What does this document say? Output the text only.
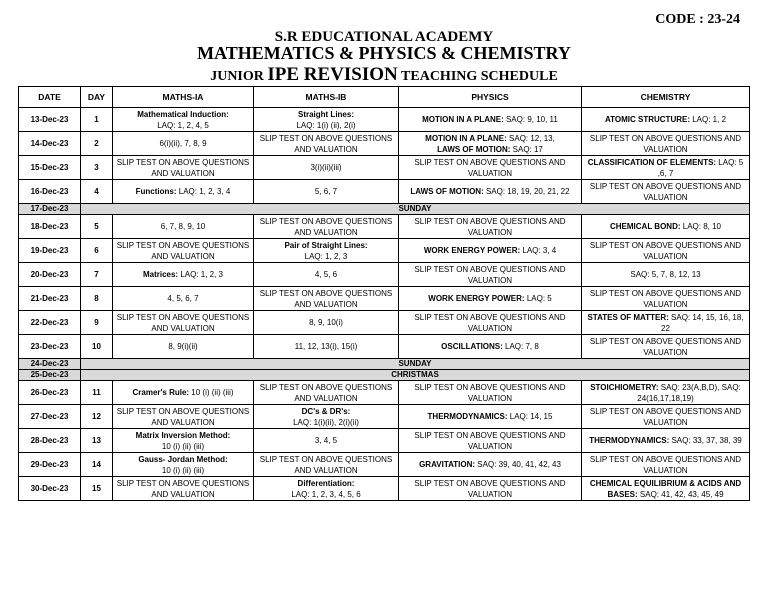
CODE : 23-24
S.R EDUCATIONAL ACADEMY
MATHEMATICS & PHYSICS & CHEMISTRY
JUNIOR IPE REVISION TEACHING SCHEDULE
DATE	DAY	MATHS-IA	MATHS-IB	PHYSICS	CHEMISTRY
13-Dec-23	1	Mathematical Induction:
LAQ: 1, 2, 4, 5	Straight Lines:
LAQ: 1(i) (ii), 2(i)	MOTION IN A PLANE: SAQ: 9, 10, 11	ATOMIC STRUCTURE: LAQ: 1, 2
14-Dec-23	2	6(i)(ii), 7, 8, 9	SLIP TEST ON ABOVE QUESTIONS AND VALUATION	MOTION IN A PLANE: SAQ: 12, 13,
LAWS OF MOTION: SAQ: 17	SLIP TEST ON ABOVE QUESTIONS AND VALUATION
15-Dec-23	3	SLIP TEST ON ABOVE QUESTIONS AND VALUATION	3(i)(ii)(iii)	SLIP TEST ON ABOVE QUESTIONS AND VALUATION	CLASSIFICATION OF ELEMENTS: LAQ: 5 ,6, 7
16-Dec-23	4	Functions: LAQ: 1, 2, 3, 4	5, 6, 7	LAWS OF MOTION: SAQ: 18, 19, 20, 21, 22	SLIP TEST ON ABOVE QUESTIONS AND VALUATION
17-Dec-23	SUNDAY				
18-Dec-23	5	6, 7, 8, 9, 10	SLIP TEST ON ABOVE QUESTIONS AND VALUATION	SLIP TEST ON ABOVE QUESTIONS AND VALUATION	CHEMICAL BOND: LAQ: 8, 10
19-Dec-23	6	SLIP TEST ON ABOVE QUESTIONS AND VALUATION	Pair of Straight Lines:
LAQ: 1, 2, 3	WORK ENERGY POWER: LAQ: 3, 4	SLIP TEST ON ABOVE QUESTIONS AND VALUATION
20-Dec-23	7	Matrices: LAQ: 1, 2, 3	4, 5, 6	SLIP TEST ON ABOVE QUESTIONS AND VALUATION	SAQ: 5, 7, 8, 12, 13
21-Dec-23	8	4, 5, 6, 7	SLIP TEST ON ABOVE QUESTIONS AND VALUATION	WORK ENERGY POWER: LAQ: 5	SLIP TEST ON ABOVE QUESTIONS AND VALUATION
22-Dec-23	9	SLIP TEST ON ABOVE QUESTIONS AND VALUATION	8, 9, 10(i)	SLIP TEST ON ABOVE QUESTIONS AND VALUATION	STATES OF MATTER: SAQ: 14, 15, 16, 18, 22
23-Dec-23	10	8, 9(i)(ii)	11, 12, 13(i), 15(i)	OSCILLATIONS: LAQ: 7, 8	SLIP TEST ON ABOVE QUESTIONS AND VALUATION
24-Dec-23	SUNDAY				
25-Dec-23	CHRISTMAS				
26-Dec-23	11	Cramer's Rule: 10 (i) (ii) (iii)	SLIP TEST ON ABOVE QUESTIONS AND VALUATION	SLIP TEST ON ABOVE QUESTIONS AND VALUATION	STOICHIOMETRY: SAQ: 23(A,B,D), SAQ: 24(16,17,18,19)
27-Dec-23	12	SLIP TEST ON ABOVE QUESTIONS AND VALUATION	DC's & DR's:
LAQ: 1(i)(ii), 2(i)(ii)	THERMODYNAMICS: LAQ: 14, 15	SLIP TEST ON ABOVE QUESTIONS AND VALUATION
28-Dec-23	13	Matrix Inversion Method:
10 (i) (ii) (iii)	3, 4, 5	SLIP TEST ON ABOVE QUESTIONS AND VALUATION	THERMODYNAMICS: SAQ: 33, 37, 38, 39
29-Dec-23	14	Gauss- Jordan Method:
10 (i) (ii) (iii)	SLIP TEST ON ABOVE QUESTIONS AND VALUATION	GRAVITATION: SAQ: 39, 40, 41, 42, 43	SLIP TEST ON ABOVE QUESTIONS AND VALUATION
30-Dec-23	15	SLIP TEST ON ABOVE QUESTIONS AND VALUATION	Differentiation:
LAQ: 1, 2, 3, 4, 5, 6	SLIP TEST ON ABOVE QUESTIONS AND VALUATION	CHEMICAL EQUILIBRIUM & ACIDS AND BASES: SAQ: 41, 42, 43, 45, 49
